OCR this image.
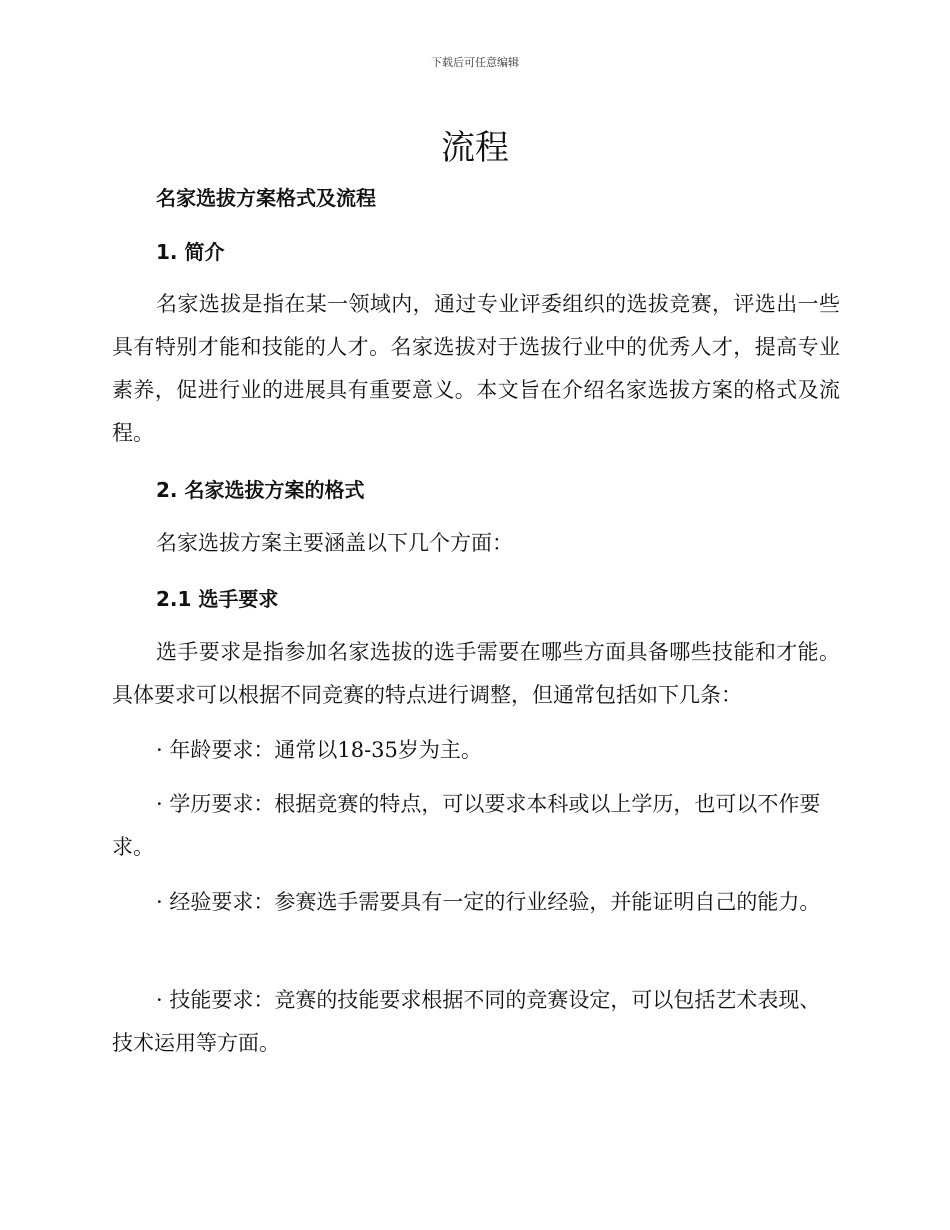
下载后可任意编辑
流程
名家选拔方案格式及流程
1. 简介

名家选拔是指在某一领域内，通过专业评委组织的选拔竞赛，评选出一些具有特别才能和技能的人才。名家选拔对于选拔行业中的优秀人才，提高专业素养，促进行业的进展具有重要意义。本文旨在介绍名家选拔方案的格式及流程。

2. 名家选拔方案的格式

名家选拔方案主要涵盖以下几个方面：

2.1 选手要求

选手要求是指参加名家选拔的选手需要在哪些方面具备哪些技能和才能。具体要求可以根据不同竞赛的特点进行调整，但通常包括如下几条：

· 年龄要求：通常以18-35岁为主。

· 学历要求：根据竞赛的特点，可以要求本科或以上学历，也可以不作要求。

· 经验要求：参赛选手需要具有一定的行业经验，并能证明自己的能力。

· 技能要求：竞赛的技能要求根据不同的竞赛设定，可以包括艺术表现、技术运用等方面。
